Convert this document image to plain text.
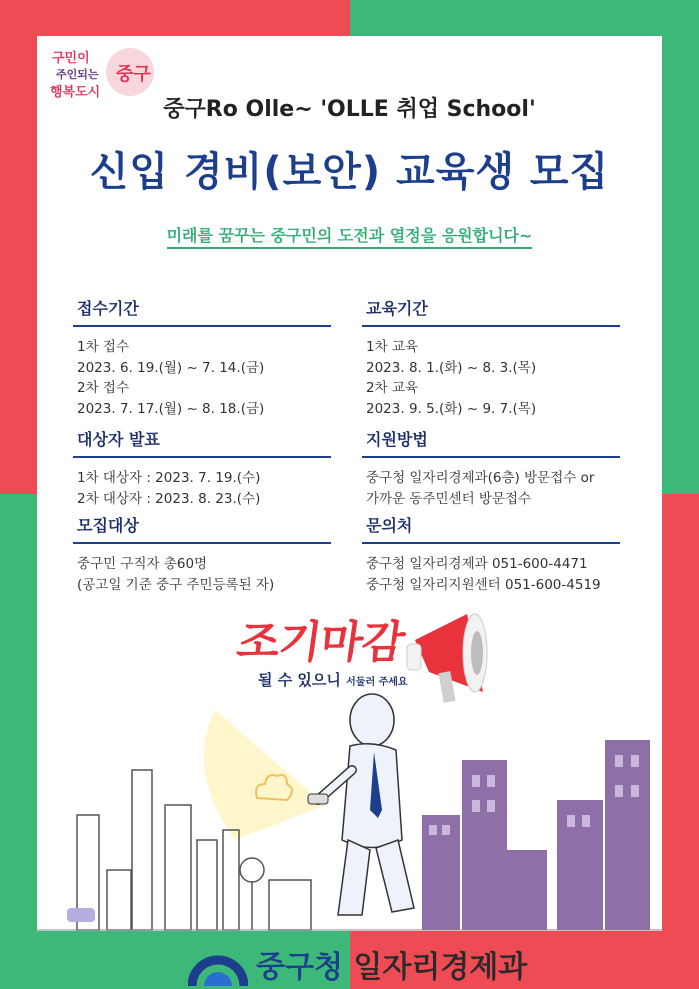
구민이
주인되는
행복도시
중구
중구Ro Olle~ 'OLLE 취업 School'
신입 경비(보안) 교육생 모집
미래를 꿈꾸는 중구민의 도전과 열정을 응원합니다~
접수기간
1차 접수
2023. 6. 19.(월) ~ 7. 14.(금)
2차 접수
2023. 7. 17.(월) ~ 8. 18.(금)
교육기간
1차 교육
2023. 8. 1.(화) ~ 8. 3.(목)
2차 교육
2023. 9. 5.(화) ~ 9. 7.(목)
대상자 발표
1차 대상자 : 2023. 7. 19.(수)
2차 대상자 : 2023. 8. 23.(수)
지원방법
중구청 일자리경제과(6층) 방문접수 or
가까운 동주민센터 방문접수
모집대상
중구민 구직자 총60명
(공고일 기준 중구 주민등록된 자)
문의처
중구청 일자리경제과 051-600-4471
중구청 일자리지원센터 051-600-4519
조기마감
될 수 있으니 서둘러 주세요
중구청 일자리경제과
